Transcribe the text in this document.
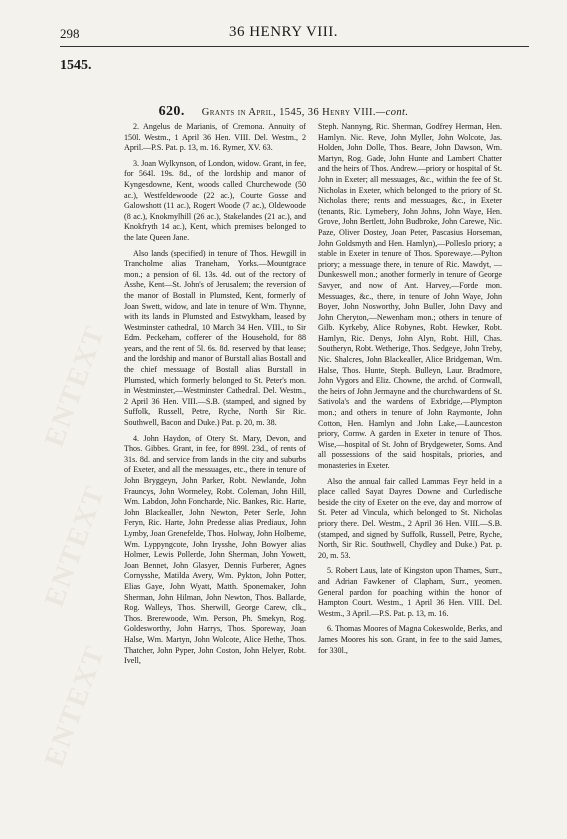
298	36 HENRY VIII.
1545.
620. Grants in April, 1545, 36 Henry VIII.—cont.

2. Angelus de Marianis, of Cremona. Annuity of 150l. Westm., 1 April 36 Hen. VIII. Del. Westm., 2 April.—P.S. Pat. p. 13, m. 16. Rymer, XV. 63.

3. Joan Wylkynson, of London, widow. Grant, in fee, for 564l. 19s. 8d., of the lordship and manor of Kyngesdowne, Kent, woods called Churchewode (50 ac.), Westfeldewoode (22 ac.), Courte Gosse and Galowshott (11 ac.), Rogert Woode (7 ac.), Oldewoode (8 ac.), Knokmylhill (26 ac.), Stakelandes (21 ac.), and Knokfryth 14 ac.), Kent, which premises belonged to the late Queen Jane.

Also lands (specified) in tenure of Thos. Hewgill in Trancholme alias Traneham, Yorks.—Mountgrace mon.; a pension of 6l. 13s. 4d. out of the rectory of Asshe, Kent—St. John's of Jerusalem; the reversion of the manor of Bostall in Plumsted, Kent, formerly of Joan Swett, widow, and late in tenure of Wm. Thynne, with its lands in Plumsted and Estwykham, leased by Westminster cathedral, 10 March 34 Hen. VIII., to Sir Edm. Peckeham, cofferer of the Household, for 88 years, and the rent of 5l. 6s. 8d. reserved by that lease; and the lordship and manor of Burstall alias Bostall and the chief messuage of Bostall alias Burstall in Plumsted, which formerly belonged to St. Peter's mon. in Westminster,—Westminster Cathedral. Del. Westm., 2 April 36 Hen. VIII.—S.B. (stamped, and signed by Suffolk, Russell, Petre, Ryche, North Sir Ric. Southwell, Bacon and Duke.) Pat. p. 20, m. 38.

4. John Haydon, of Otery St. Mary, Devon, and Thos. Gibbes. Grant, in fee, for 899l. 23d., of rents of 31s. 8d. and service from lands in the city and suburbs of Exeter, and all the messuages, etc., there in tenure of John Bryggeyn, John Parker, Robt. Newlande, John Frauncys, John Wormeley, Robt. Coleman, John Hill, Wm. Labdon, John Foncharde, Nic. Bankes, Ric. Harte, John Blackealler, John Newton, Peter Serle, John Feryn, Ric. Harte, John Predesse alias Prediaux, John Lymby, Joan Grenefelde, Thos. Holway, John Holbeme, Wm. Lyppyngcote, John Irysshe, John Bowyer alias Holmer, Lewis Pollerde, John Sherman, John Yowett, Joan Bennet, John Glasyer, Dennis Furberer, Agnes Cornysshe, Matilda Avery, Wm. Pykton, John Potter, Elias Gaye, John Wyatt, Matth. Sponemaker, John Sherman, John Hilman, John Newton, Thos. Ballarde, Rog. Walleys, Thos. Sherwill, George Carew, clk., Thos. Brerewoode, Wm. Person, Ph. Smekyn, Rog. Goldesworthy, John Harrys, Thos. Sporeway, Joan Halse, Wm. Martyn, John Wolcote, Alice Hethe, Thos. Thatcher, John Pyper, John Coston, John Helyer, Robt. Ivell,

Steph. Nannyng, Ric. Sherman, Godfrey Herman, Hen. Hamlyn. Nic. Reve, John Myller, John Wolcote, Jas. Holden, John Dolle, Thos. Beare, John Dawson, Wm. Martyn, Rog. Gade, John Hunte and Lambert Chatter and the heirs of Thos. Andrew.—priory or hospital of St. John in Exeter; all messuages, &c., within the fee of St. Nicholas in Exeter, which belonged to the priory of St. Nicholas there; rents and messuages, &c., in Exeter (tenants, Ric. Lymebery, John Johns, John Waye, Hen. Grove, John Bertlett, John Budbroke, John Carewe, Nic. Paze, Oliver Dostey, Joan Peter, Pascasius Horseman, John Goldsmyth and Hen. Hamlyn),—Polleslo priory; a stable in Exeter in tenure of Thos. Sporewaye.—Pylton priory; a messuage there, in tenure of Ric. Mawdyt, —Dunkeswell mon.; another formerly in tenure of George Savyer, and now of Ant. Harvey,—Forde mon. Messuages, &c., there, in tenure of John Waye, John Boyer, John Nosworthy, John Buller, John Davy and John Cheryton,—Newenham mon.; others in tenure of Gilb. Kyrkeby, Alice Robynes, Robt. Hewker, Robt. Hamlyn, Ric. Denys, John Alyn, Robt. Hill, Chas. Southeryn, Robt. Wetherige, Thos. Sedgeye, John Treby, Nic. Shalcres, John Blackealler, Alice Bridgeman, Wm. Halse, Thos. Hunte, Steph. Bulleyn, Laur. Bradmore, John Vygors and Eliz. Chowne, the archd. of Cornwall, the heirs of John Jermayne and the churchwardens of St. Sativola's and the wardens of Exbridge,—Plympton mon.; and others in tenure of John Raymonte, John Cotton, Hen. Hamlyn and John Lake,—Launceston priory, Cornw. A garden in Exeter in tenure of Thos. Wise,—hospital of St. John of Brydgeweter, Soms. And all possessions of the said hospitals, priories, and monasteries in Exeter.

Also the annual fair called Lammas Feyr held in a place called Sayat Dayres Downe and Curledische beside the city of Exeter on the eve, day and morrow of St. Peter ad Vincula, which belonged to St. Nicholas priory there. Del. Westm., 2 April 36 Hen. VIII.—S.B. (stamped, and signed by Suffolk, Russell, Petre, Ryche, North, Sir Ric. Southwell, Chydley and Duke.) Pat. p. 20, m. 53.

5. Robert Laus, late of Kingston upon Thames, Surr., and Adrian Fawkener of Clapham, Surr., yeomen. General pardon for poaching within the honor of Hampton Court. Westm., 1 April 36 Hen. VIII. Del. Westm., 3 April.—P.S. Pat. p. 13, m. 16.

6. Thomas Moores of Magna Cokeswolde, Berks, and James Moores his son. Grant, in fee to the said James, for 330l.,

ENTEXT
ENTEXT
ENTEXT
